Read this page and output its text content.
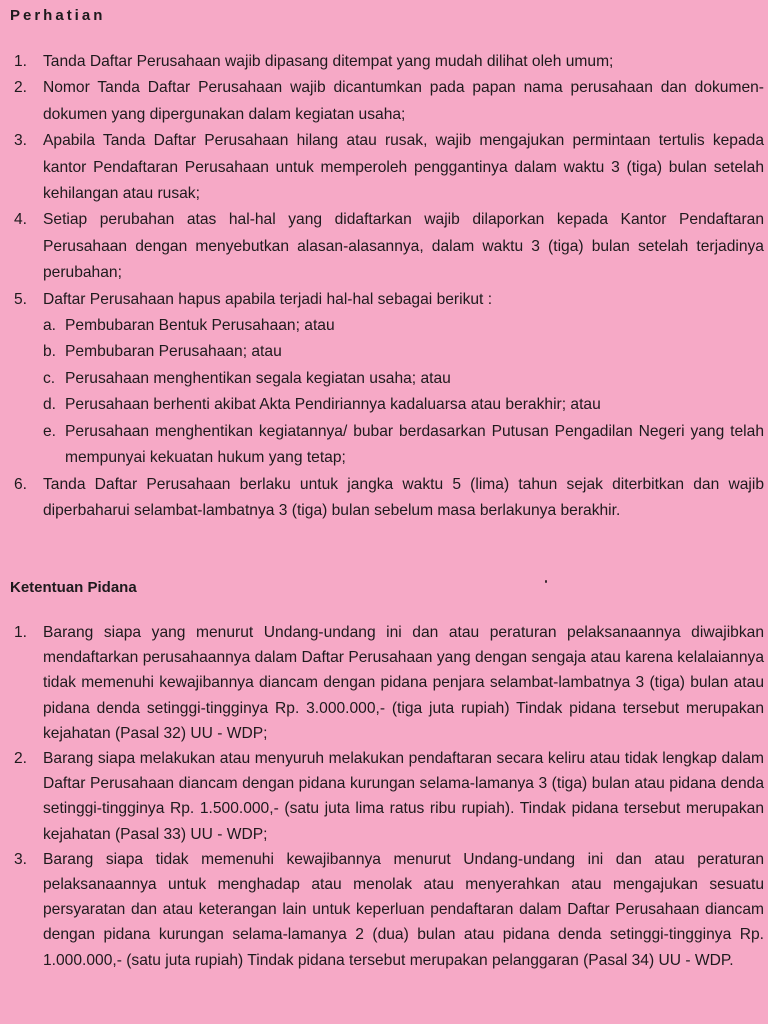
Perhatian
1. Tanda Daftar Perusahaan wajib dipasang ditempat yang mudah dilihat oleh umum;
2. Nomor Tanda Daftar Perusahaan wajib dicantumkan pada papan nama perusahaan dan dokumen-dokumen yang dipergunakan dalam kegiatan usaha;
3. Apabila Tanda Daftar Perusahaan hilang atau rusak, wajib mengajukan permintaan tertulis kepada kantor Pendaftaran Perusahaan untuk memperoleh penggantinya dalam waktu 3 (tiga) bulan setelah kehilangan atau rusak;
4. Setiap perubahan atas hal-hal yang didaftarkan wajib dilaporkan kepada Kantor Pendaftaran Perusahaan dengan menyebutkan alasan-alasannya, dalam waktu 3 (tiga) bulan setelah terjadinya perubahan;
5. Daftar Perusahaan hapus apabila terjadi hal-hal sebagai berikut :
a. Pembubaran Bentuk Perusahaan; atau
b. Pembubaran Perusahaan; atau
c. Perusahaan menghentikan segala kegiatan usaha; atau
d. Perusahaan berhenti akibat Akta Pendiriannya kadaluarsa atau berakhir; atau
e. Perusahaan menghentikan kegiatannya/ bubar berdasarkan Putusan Pengadilan Negeri yang telah mempunyai kekuatan hukum yang tetap;
6. Tanda Daftar Perusahaan berlaku untuk jangka waktu 5 (lima) tahun sejak diterbitkan dan wajib diperbaharui selambat-lambatnya 3 (tiga) bulan sebelum masa berlakunya berakhir.
Ketentuan Pidana
1. Barang siapa yang menurut Undang-undang ini dan atau peraturan pelaksanaannya diwajibkan mendaftarkan perusahaannya dalam Daftar Perusahaan yang dengan sengaja atau karena kelalaiannya tidak memenuhi kewajibannya diancam dengan pidana penjara selambat-lambatnya 3 (tiga) bulan atau pidana denda setinggi-tingginya Rp. 3.000.000,- (tiga juta rupiah) Tindak pidana tersebut merupakan kejahatan (Pasal 32) UU - WDP;
2. Barang siapa melakukan atau menyuruh melakukan pendaftaran secara keliru atau tidak lengkap dalam Daftar Perusahaan diancam dengan pidana kurungan selama-lamanya 3 (tiga) bulan atau pidana denda setinggi-tingginya Rp. 1.500.000,- (satu juta lima ratus ribu rupiah). Tindak pidana tersebut merupakan kejahatan (Pasal 33) UU - WDP;
3. Barang siapa tidak memenuhi kewajibannya menurut Undang-undang ini dan atau peraturan pelaksanaannya untuk menghadap atau menolak atau menyerahkan atau mengajukan sesuatu persyaratan dan atau keterangan lain untuk keperluan pendaftaran dalam Daftar Perusahaan diancam dengan pidana kurungan selama-lamanya 2 (dua) bulan atau pidana denda setinggi-tingginya Rp. 1.000.000,- (satu juta rupiah) Tindak pidana tersebut merupakan pelanggaran (Pasal 34) UU - WDP.
